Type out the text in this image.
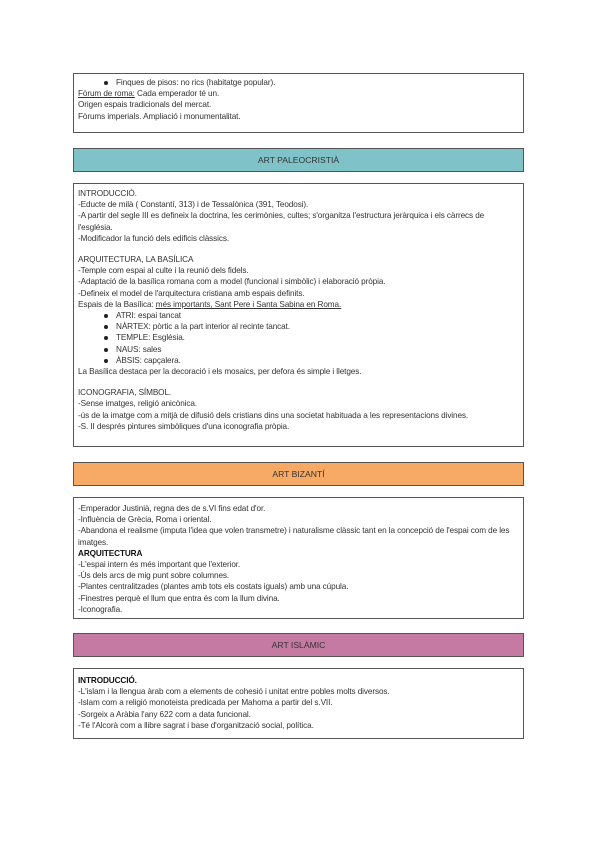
Finques de pisos: no rics (habitatge popular).
Fòrum de roma: Cada emperador té un.
Origen espais tradicionals del mercat.
Fòrums imperials. Ampliació i monumentalitat.
ART PALEOCRISTIÀ
INTRODUCCIÓ.
-Educte de milà ( Constantí, 313) i de Tessalònica (391, Teodosi).
-A partir del segle III es defineix la doctrina, les cerimònies, cultes; s'organitza l'estructura jeràrquica i els càrrecs de l'església.
-Modificador la funció dels edificis clàssics.
ARQUITECTURA, LA BASÍLICA
-Temple com espai al culte i la reunió dels fidels.
-Adaptació de la basílica romana com a model (funcional i simbòlic) i elaboració pròpia.
-Defineix el model de l'arquitectura cristiana amb espais definits.
Espais de la Basílica: més importants, Sant Pere i Santa Sabina en Roma.
ATRI: espai tancat
NÀRTEX: pòrtic a la part interior al recinte tancat.
TEMPLE: Església.
NAUS: sales
ÀBSIS: capçalera.
La Basílica destaca per la decoració i els mosaics, per defora és simple i lletges.
ICONOGRAFIA, SÍMBOL.
-Sense imatges, religió anicònica.
-ús de la imatge com a mitjà de difusió dels cristians dins una societat habituada a les representacions divines.
-S. II després pintures simbòliques d'una iconografia pròpia.
ART BIZANTÍ
-Emperador Justinià, regna des de s.VI fins edat d'or.
-Influència de Grècia, Roma i oriental.
-Abandona el realisme (imputa l'idea que volen transmetre) i naturalisme clàssic tant en la concepció de l'espai com de les imatges.
ARQUITECTURA
-L'espai intern és més important que l'exterior.
-Ús dels arcs de mig punt sobre columnes.
-Plantes centralitzades (plantes amb tots els costats iguals) amb una cúpula.
-Finestres perquè el llum que entra és com la llum divina.
-Iconografia.
ART ISLÀMIC
INTRODUCCIÓ.
-L'islam i la llengua àrab com a elements de cohesió i unitat entre pobles molts diversos.
-Islam com a religió monoteista predicada per Mahoma a partir del s.VII.
-Sorgeix a Aràbia l'any 622 com a data funcional.
-Té l'Alcorà com a llibre sagrat i base d'organització social, política.
